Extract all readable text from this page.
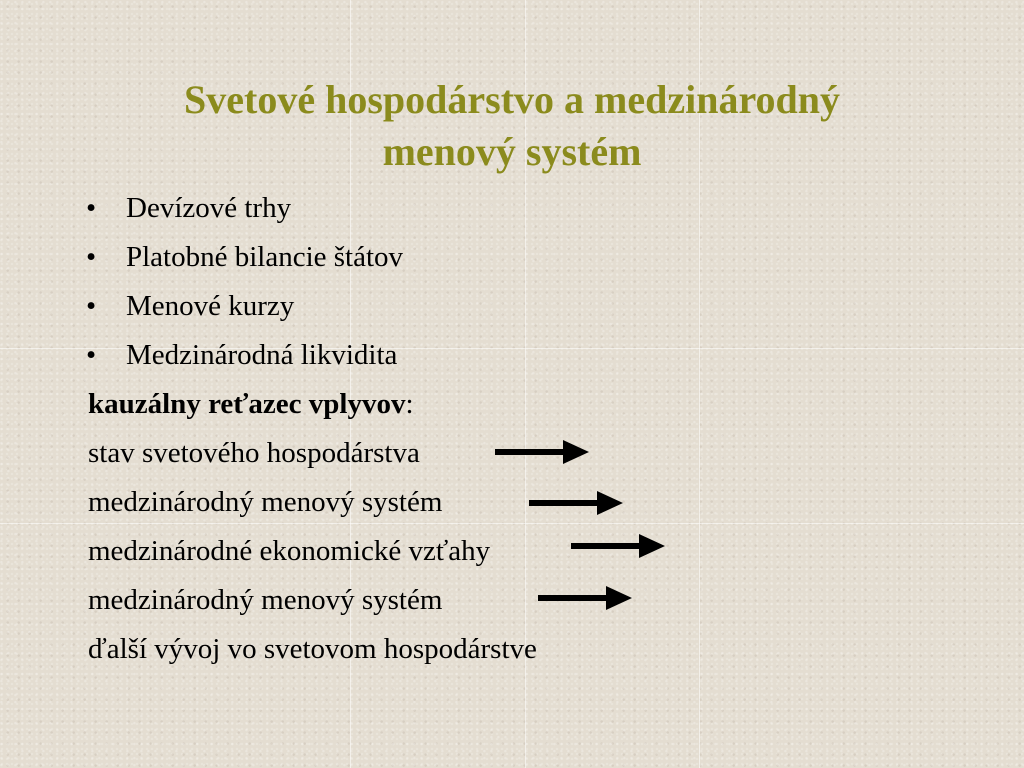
Svetové hospodárstvo a medzinárodný
menový systém
• Devízové trhy
• Platobné bilancie štátov
• Menové kurzy
• Medzinárodná likvidita
kauzálny reťazec vplyvov:
stav svetového hospodárstva
medzinárodný menový systém
medzinárodné ekonomické vzťahy
medzinárodný menový systém
ďalší vývoj vo svetovom hospodárstve
